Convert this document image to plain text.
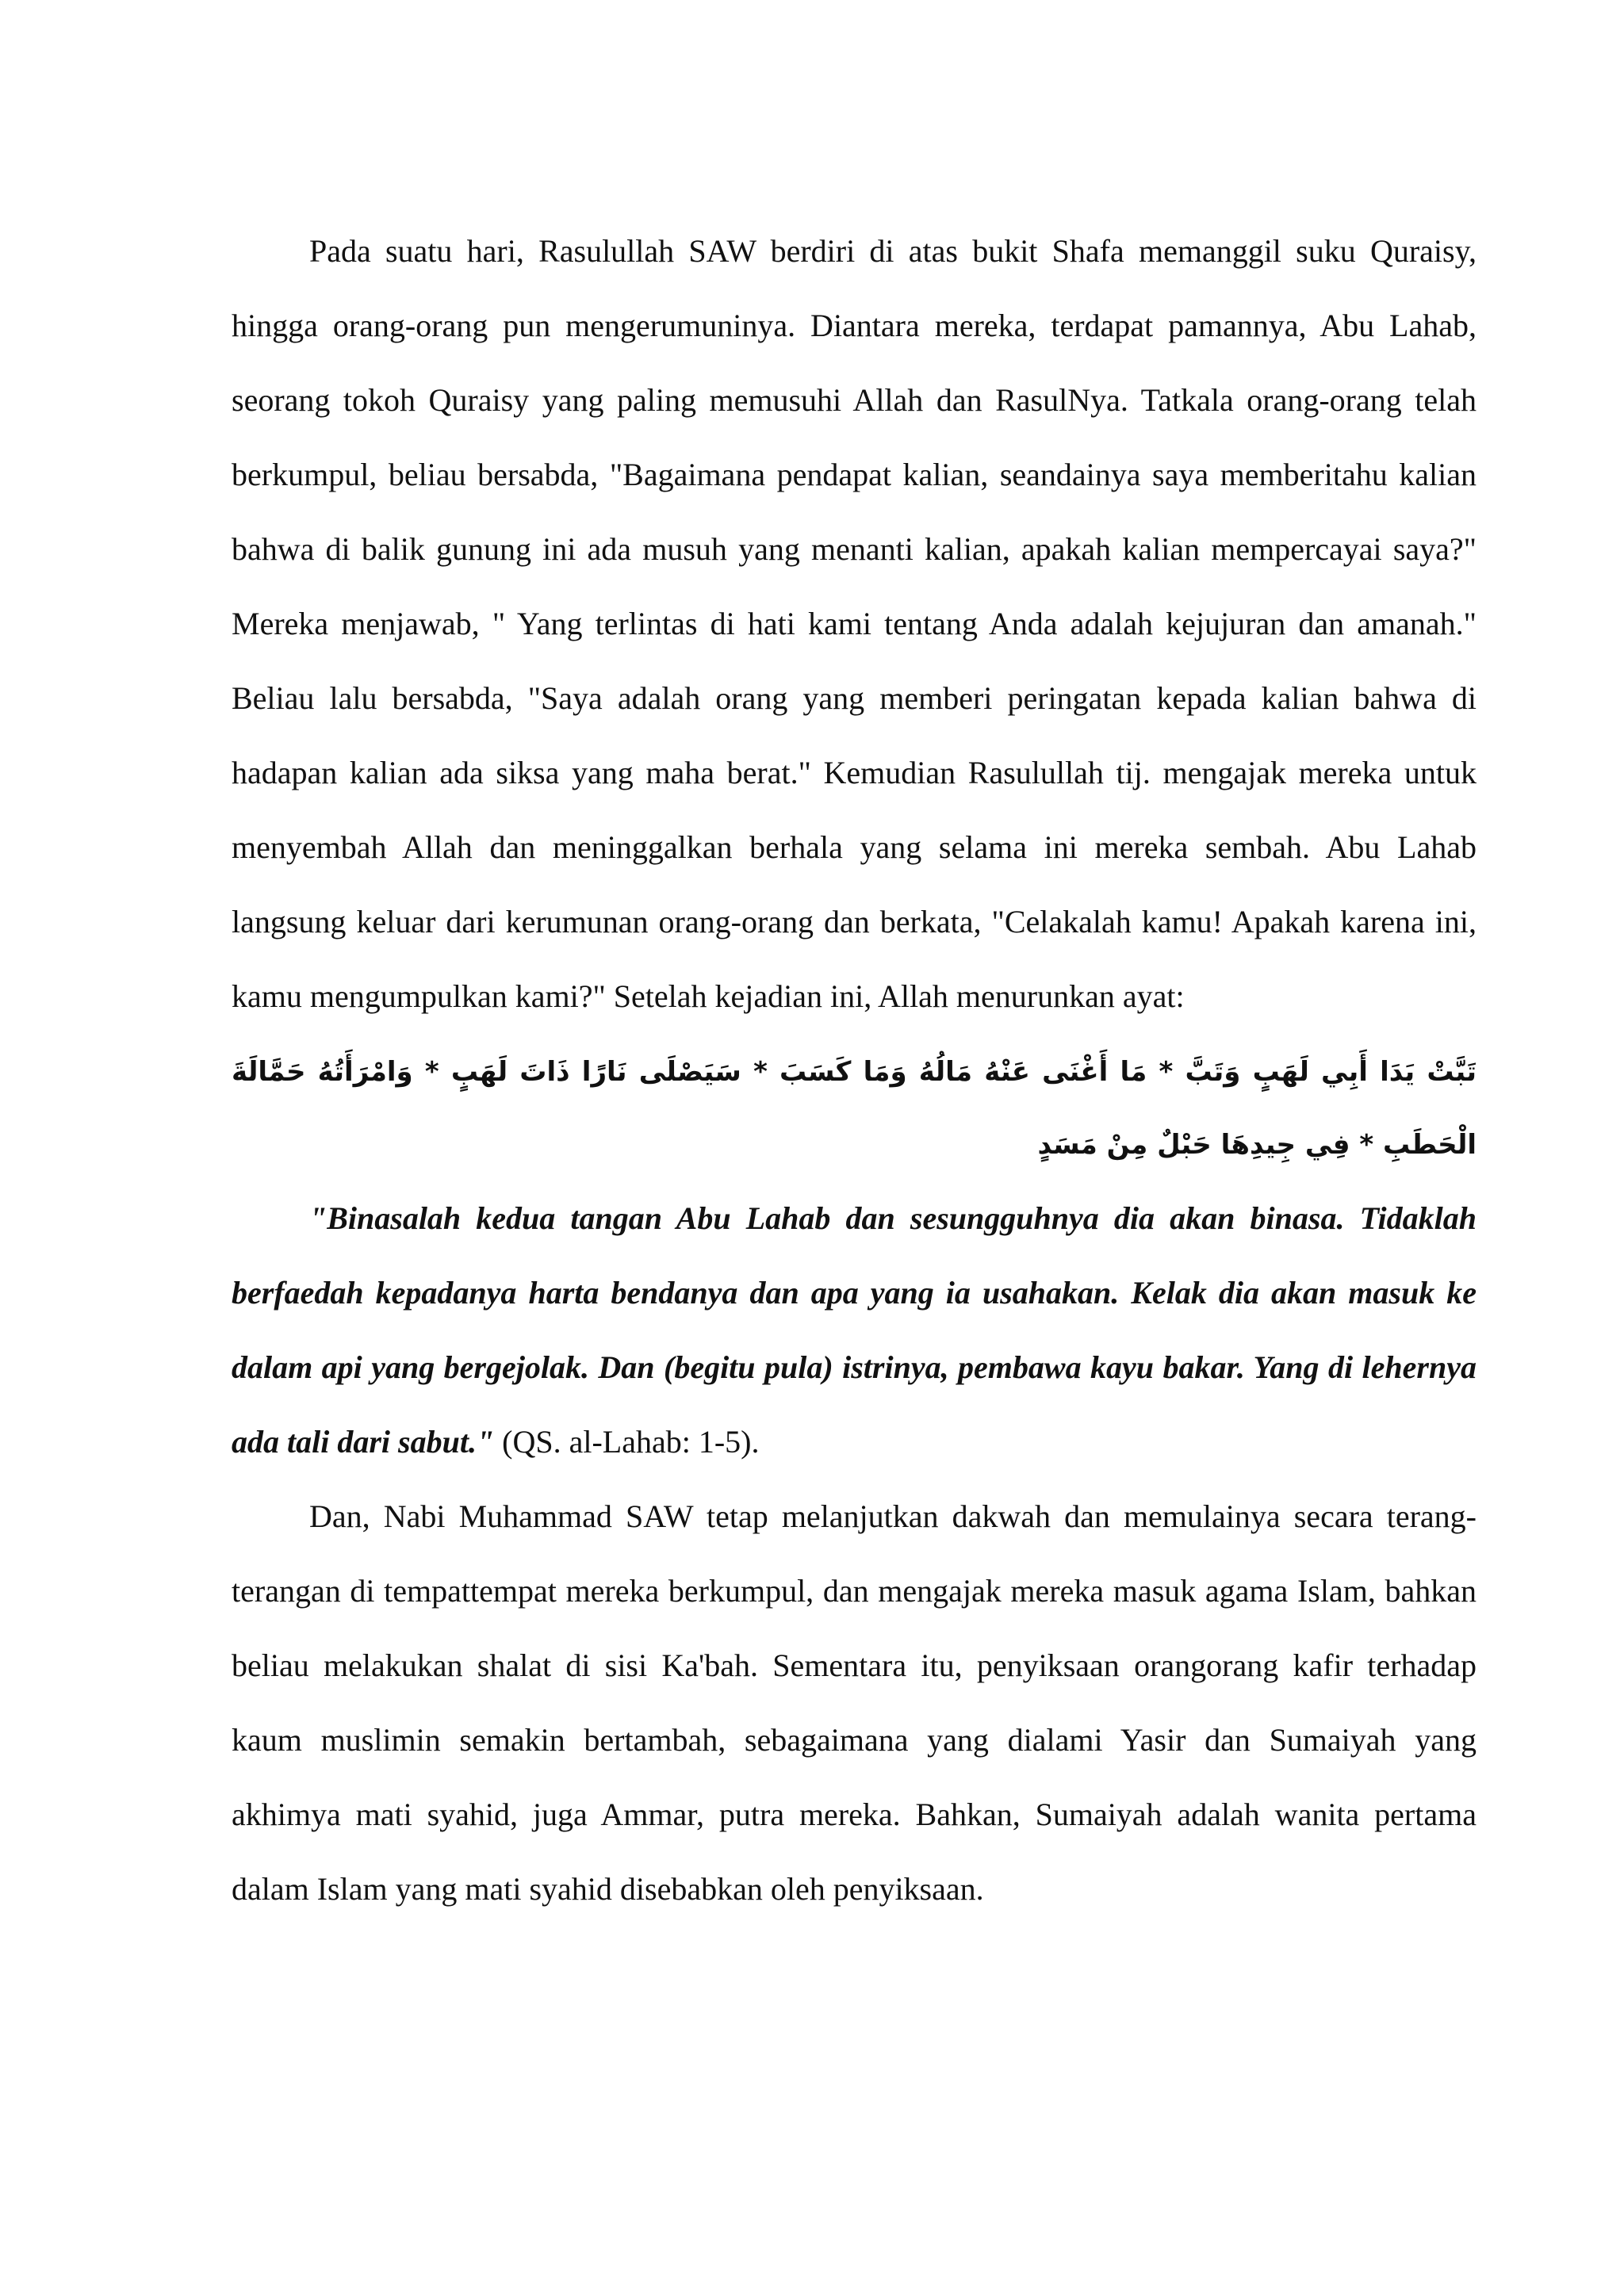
Pada suatu hari, Rasulullah SAW berdiri di atas bukit Shafa memanggil suku Quraisy, hingga orang-orang pun mengerumuninya. Diantara mereka, terdapat pamannya, Abu Lahab, seorang tokoh Quraisy yang paling memusuhi Allah dan RasulNya. Tatkala orang-orang telah berkumpul, beliau bersabda, "Bagaimana pendapat kalian, seandainya saya memberitahu kalian bahwa di balik gunung ini ada musuh yang menanti kalian, apakah kalian mempercayai saya?" Mereka menjawab, " Yang terlintas di hati kami tentang Anda adalah kejujuran dan amanah." Beliau lalu bersabda, "Saya adalah orang yang memberi peringatan kepada kalian bahwa di hadapan kalian ada siksa yang maha berat." Kemudian Rasulullah tij. mengajak mereka untuk menyembah Allah dan meninggalkan berhala yang selama ini mereka sembah. Abu Lahab langsung keluar dari kerumunan orang-orang dan berkata, "Celakalah kamu! Apakah karena ini, kamu mengumpulkan kami?" Setelah kejadian ini, Allah menurunkan ayat:

تَبَّتْ يَدَا أَبِي لَهَبٍ وَتَبَّ * مَا أَغْنَى عَنْهُ مَالُهُ وَمَا كَسَبَ * سَيَصْلَى نَارًا ذَاتَ لَهَبٍ * وَامْرَأَتُهُ حَمَّالَةَ الْحَطَبِ * فِي جِيدِهَا حَبْلٌ مِنْ مَسَدٍ

"Binasalah kedua tangan Abu Lahab dan sesungguhnya dia akan binasa. Tidaklah berfaedah kepadanya harta bendanya dan apa yang ia usahakan. Kelak dia akan masuk ke dalam api yang bergejolak. Dan (begitu pula) istrinya, pembawa kayu bakar. Yang di lehernya ada tali dari sabut." (QS. al-Lahab: 1-5).

Dan, Nabi Muhammad SAW tetap melanjutkan dakwah dan memulainya secara terang-terangan di tempattempat mereka berkumpul, dan mengajak mereka masuk agama Islam, bahkan beliau melakukan shalat di sisi Ka'bah. Sementara itu, penyiksaan orangorang kafir terhadap kaum muslimin semakin bertambah, sebagaimana yang dialami Yasir dan Sumaiyah yang akhimya mati syahid, juga Ammar, putra mereka. Bahkan, Sumaiyah adalah wanita pertama dalam Islam yang mati syahid disebabkan oleh penyiksaan.
